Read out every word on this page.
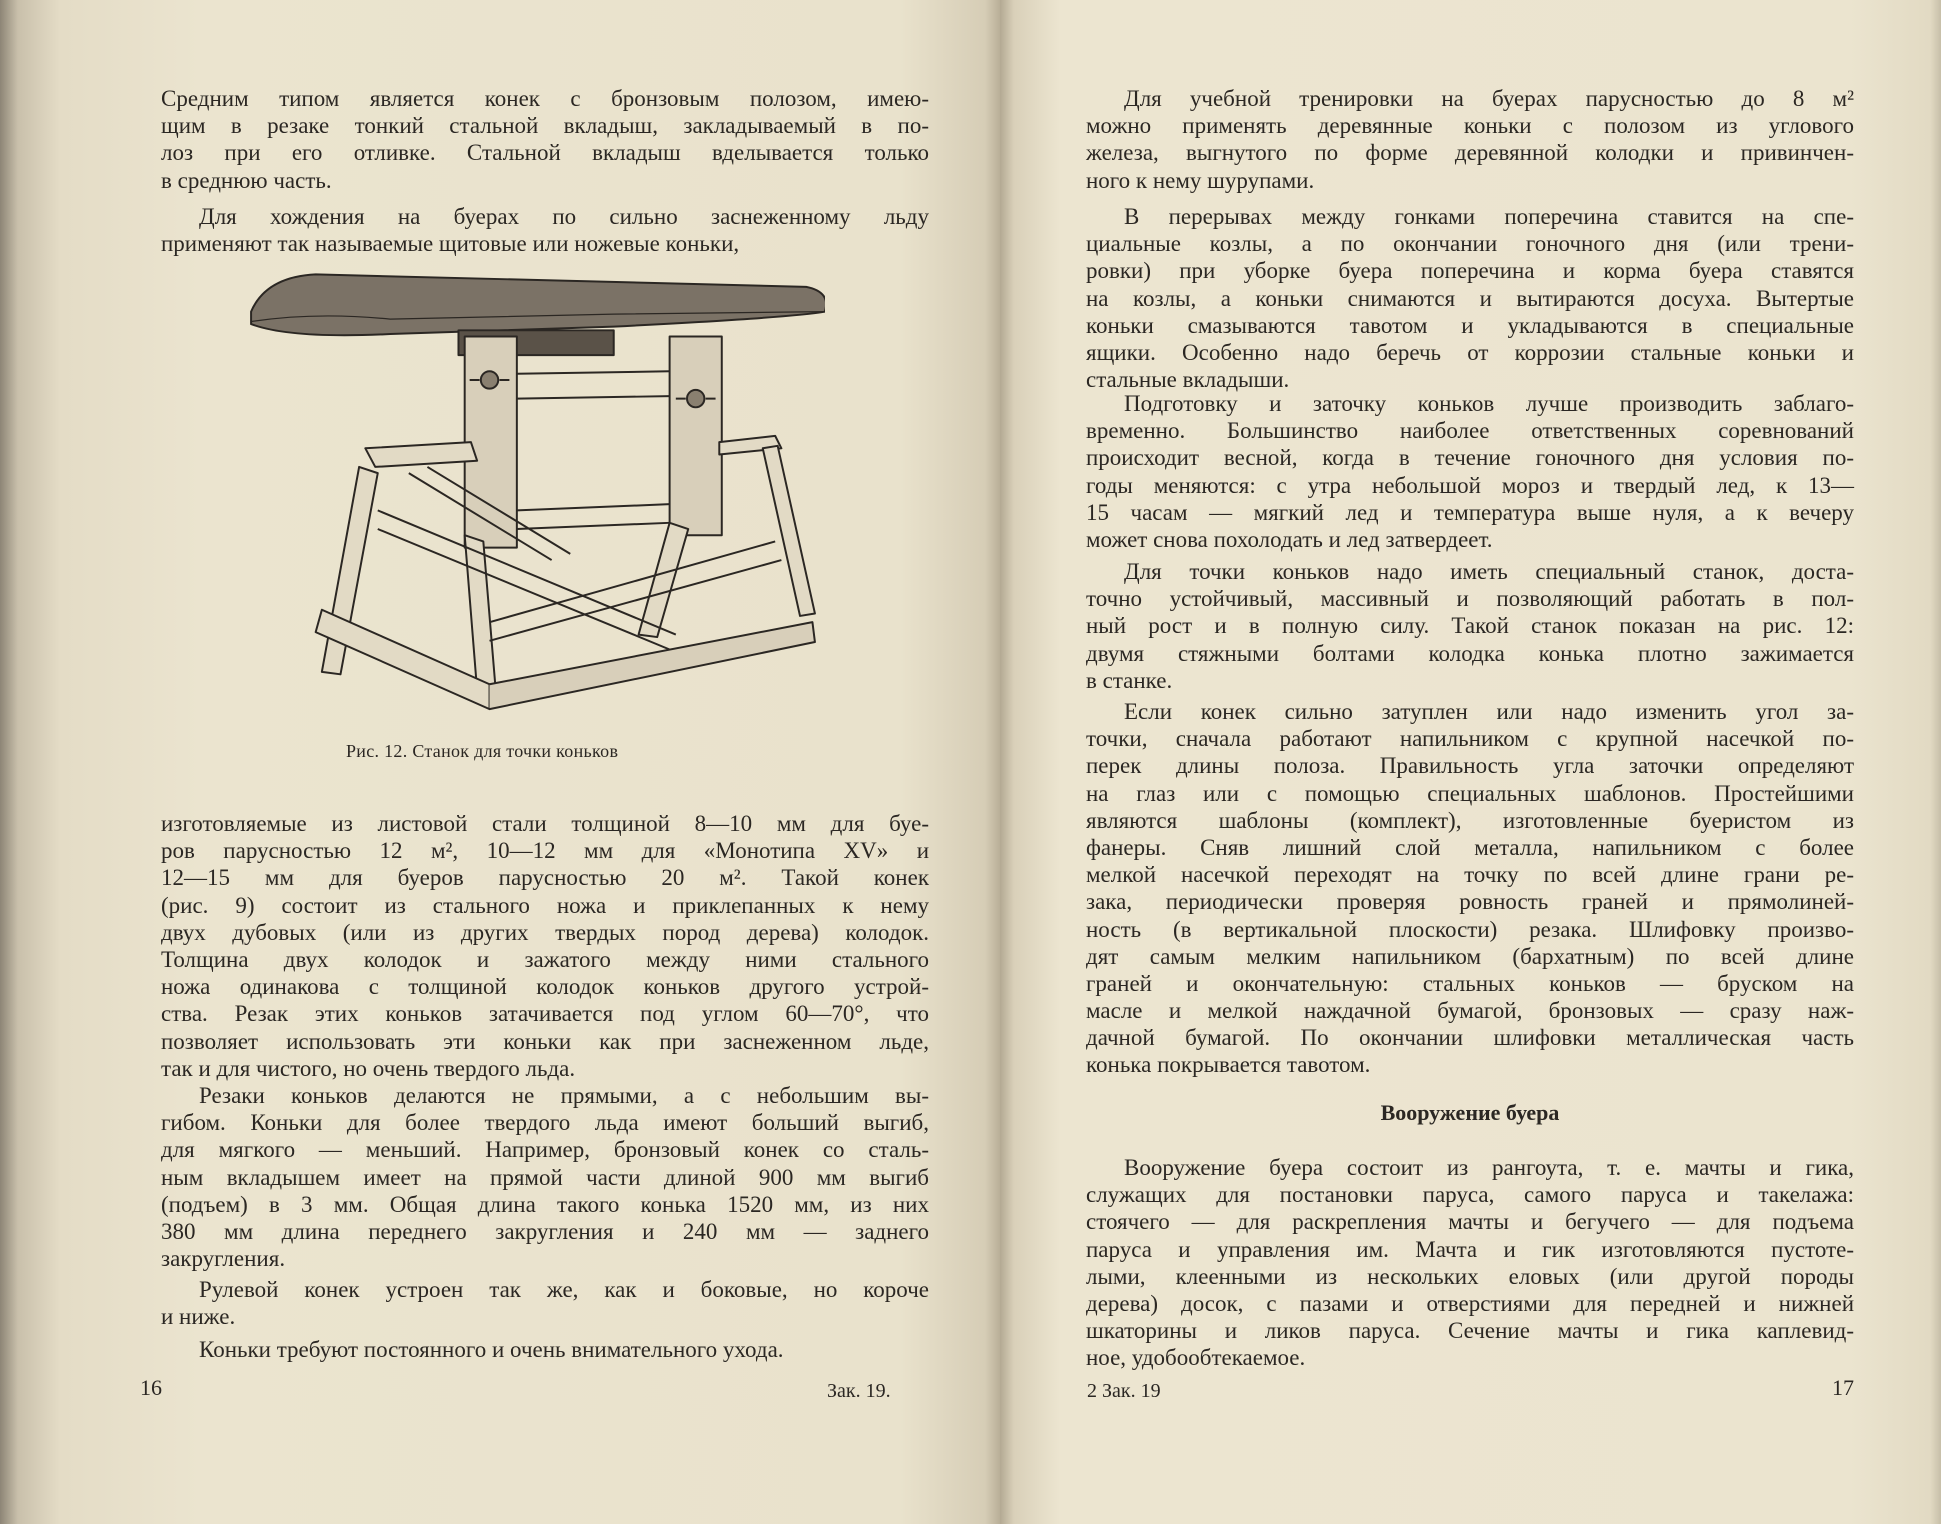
Рис. 12. Станок для точки коньков
16	Зак. 19.	2 Зак. 19	17
Вооружение буера
Средним типом является конек с бронзовым полозом, имею-
щим в резаке тонкий стальной вкладыш, закладываемый в по-
лоз при его отливке. Стальной вкладыш вделывается только
в среднюю часть.
Для хождения на буерах по сильно заснеженному льду
применяют так называемые щитовые или ножевые коньки,
изготовляемые из листовой стали толщиной 8—10 мм для буе-
ров парусностью 12 м², 10—12 мм для «Монотипа XV» и
12—15 мм для буеров парусностью 20 м². Такой конек
(рис. 9) состоит из стального ножа и приклепанных к нему
двух дубовых (или из других твердых пород дерева) колодок.
Толщина двух колодок и зажатого между ними стального
ножа одинакова с толщиной колодок коньков другого устрой-
ства. Резак этих коньков затачивается под углом 60—70°, что
позволяет использовать эти коньки как при заснеженном льде,
так и для чистого, но очень твердого льда.
Резаки коньков делаются не прямыми, а с небольшим вы-
гибом. Коньки для более твердого льда имеют больший выгиб,
для мягкого — меньший. Например, бронзовый конек со сталь-
ным вкладышем имеет на прямой части длиной 900 мм выгиб
(подъем) в 3 мм. Общая длина такого конька 1520 мм, из них
380 мм длина переднего закругления и 240 мм — заднего
закругления.
Рулевой конек устроен так же, как и боковые, но короче
и ниже.
Коньки требуют постоянного и очень внимательного ухода.
Для учебной тренировки на буерах парусностью до 8 м²
можно применять деревянные коньки с полозом из углового
железа, выгнутого по форме деревянной колодки и привинчен-
ного к нему шурупами.
В перерывах между гонками поперечина ставится на спе-
циальные козлы, а по окончании гоночного дня (или трени-
ровки) при уборке буера поперечина и корма буера ставятся
на козлы, а коньки снимаются и вытираются досуха. Вытертые
коньки смазываются тавотом и укладываются в специальные
ящики. Особенно надо беречь от коррозии стальные коньки и
стальные вкладыши.
Подготовку и заточку коньков лучше производить заблаго-
временно. Большинство наиболее ответственных соревнований
происходит весной, когда в течение гоночного дня условия по-
годы меняются: с утра небольшой мороз и твердый лед, к 13—
15 часам — мягкий лед и температура выше нуля, а к вечеру
может снова похолодать и лед затвердеет.
Для точки коньков надо иметь специальный станок, доста-
точно устойчивый, массивный и позволяющий работать в пол-
ный рост и в полную силу. Такой станок показан на рис. 12:
двумя стяжными болтами колодка конька плотно зажимается
в станке.
Если конек сильно затуплен или надо изменить угол за-
точки, сначала работают напильником с крупной насечкой по-
перек длины полоза. Правильность угла заточки определяют
на глаз или с помощью специальных шаблонов. Простейшими
являются шаблоны (комплект), изготовленные буеристом из
фанеры. Сняв лишний слой металла, напильником с более
мелкой насечкой переходят на точку по всей длине грани ре-
зака, периодически проверяя ровность граней и прямолиней-
ность (в вертикальной плоскости) резака. Шлифовку произво-
дят самым мелким напильником (бархатным) по всей длине
граней и окончательную: стальных коньков — бруском на
масле и мелкой наждачной бумагой, бронзовых — сразу наж-
дачной бумагой. По окончании шлифовки металлическая часть
конька покрывается тавотом.
Вооружение буера состоит из рангоута, т. е. мачты и гика,
служащих для постановки паруса, самого паруса и такелажа:
стоячего — для раскрепления мачты и бегучего — для подъема
паруса и управления им. Мачта и гик изготовляются пустоте-
лыми, клеенными из нескольких еловых (или другой породы
дерева) досок, с пазами и отверстиями для передней и нижней
шкаторины и ликов паруса. Сечение мачты и гика каплевид-
ное, удобообтекаемое.
